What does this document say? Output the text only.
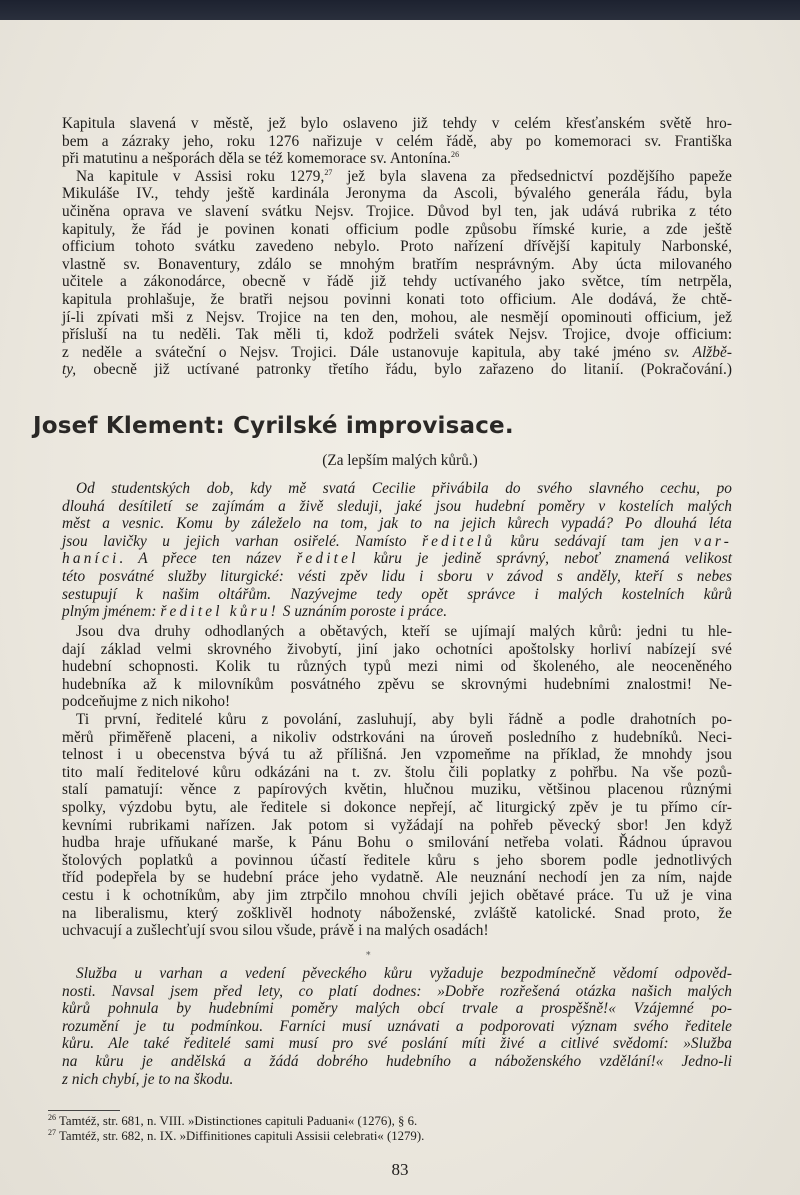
Kapitula slavená v městě, jež bylo oslaveno již tehdy v celém křesťanském světě hro-
bem a zázraky jeho, roku 1276 nařizuje v celém řádě, aby po komemoraci sv. Františka
při matutinu a nešporách děla se též komemorace sv. Antonína.$^{26}$
Na kapitule v Assisi roku 1279,27 jež byla slavena za předsednictví pozdějšího papeže
Mikuláše IV., tehdy ještě kardinála Jeronyma da Ascoli, bývalého generála řádu, byla
učiněna oprava ve slavení svátku Nejsv. Trojice. Důvod byl ten, jak udává rubrika z této
kapituly, že řád je povinen konati officium podle způsobu římské kurie, a zde ještě
officium tohoto svátku zavedeno nebylo. Proto nařízení dřívější kapituly Narbonské,
vlastně sv. Bonaventury, zdálo se mnohým bratřím nesprávným. Aby úcta milovaného
učitele a zákonodárce, obecně v řádě již tehdy uctívaného jako světce, tím netrpěla,
kapitula prohlašuje, že bratři nejsou povinni konati toto officium. Ale dodává, že chtě-
jí-li zpívati mši z Nejsv. Trojice na ten den, mohou, ale nesmějí opominouti officium, jež
přísluší na tu neděli. Tak měli ti, kdož podrželi svátek Nejsv. Trojice, dvoje officium:
z neděle a sváteční o Nejsv. Trojici. Dále ustanovuje kapitula, aby také jméno sv. Alžbě-
ty, obecně již uctívané patronky třetího řádu, bylo zařazeno do litanií. (Pokračování.)
Josef Klement: Cyrilské improvisace.
(Za lepším malých kůrů.)
Od studentských dob, kdy mě svatá Cecilie přivábila do svého slavného cechu, po
dlouhá desítiletí se zajímám a živě sleduji, jaké jsou hudební poměry v kostelích malých
měst a vesnic. Komu by záleželo na tom, jak to na jejich kůrech vypadá? Po dlouhá léta
jsou lavičky u jejich varhan osiřelé. Namísto ředitelů kůru sedávají tam jen var-
haníci. A přece ten název ředitel kůru je jedině správný, neboť znamená velikost
této posvátné služby liturgické: vésti zpěv lidu i sboru v závod s anděly, kteří s nebes
sestupují k našim oltářům. Nazývejme tedy opět správce i malých kostelních kůrů
plným jménem: ředitel kůru! S uznáním poroste i práce.
Jsou dva druhy odhodlaných a obětavých, kteří se ujímají malých kůrů: jedni tu hle-
dají základ velmi skrovného živobytí, jiní jako ochotníci apoštolsky horliví nabízejí své
hudební schopnosti. Kolik tu různých typů mezi nimi od školeného, ale neoceněného
hudebníka až k milovníkům posvátného zpěvu se skrovnými hudebními znalostmi! Ne-
podceňujme z nich nikoho!
Ti první, ředitelé kůru z povolání, zasluhují, aby byli řádně a podle drahotních po-
měrů přiměřeně placeni, a nikoliv odstrkováni na úroveň posledního z hudebníků. Neci-
telnost i u obecenstva bývá tu až přílišná. Jen vzpomeňme na příklad, že mnohdy jsou
tito malí ředitelové kůru odkázáni na t. zv. štolu čili poplatky z pohřbu. Na vše pozů-
stalí pamatují: věnce z papírových květin, hlučnou muziku, většinou placenou různými
spolky, výzdobu bytu, ale ředitele si dokonce nepřejí, ač liturgický zpěv je tu přímo cír-
kevními rubrikami nařízen. Jak potom si vyžádají na pohřeb pěvecký sbor! Jen když
hudba hraje ufňukané marše, k Pánu Bohu o smilování netřeba volati. Řádnou úpravou
štolových poplatků a povinnou účastí ředitele kůru s jeho sborem podle jednotlivých
tříd podepřela by se hudební práce jeho vydatně. Ale neuznání nechodí jen za ním, najde
cestu i k ochotníkům, aby jim ztrpčilo mnohou chvíli jejich obětavé práce. Tu už je vina
na liberalismu, který zošklivěl hodnoty náboženské, zvláště katolické. Snad proto, že
uchvacují a zušlechťují svou silou všude, právě i na malých osadách!
*
Služba u varhan a vedení pěveckého kůru vyžaduje bezpodmínečně vědomí odpověd-
nosti. Navsal jsem před lety, co platí dodnes: »Dobře rozřešená otázka našich malých
kůrů pohnula by hudebními poměry malých obcí trvale a prospěšně!« Vzájemné po-
rozumění je tu podmínkou. Farníci musí uznávati a podporovati význam svého ředitele
kůru. Ale také ředitelé sami musí pro své poslání míti živé a citlivé svědomí: »Služba
na kůru je andělská a žádá dobrého hudebního a náboženského vzdělání!« Jedno-li
z nich chybí, je to na škodu.
$^{26}$ Tamtéž, str. 681, n. VIII. »Distinctiones capituli Paduani« (1276), § 6.
$^{27}$ Tamtéž, str. 682, n. IX. »Diffinitiones capituli Assisii celebrati« (1279).
83
